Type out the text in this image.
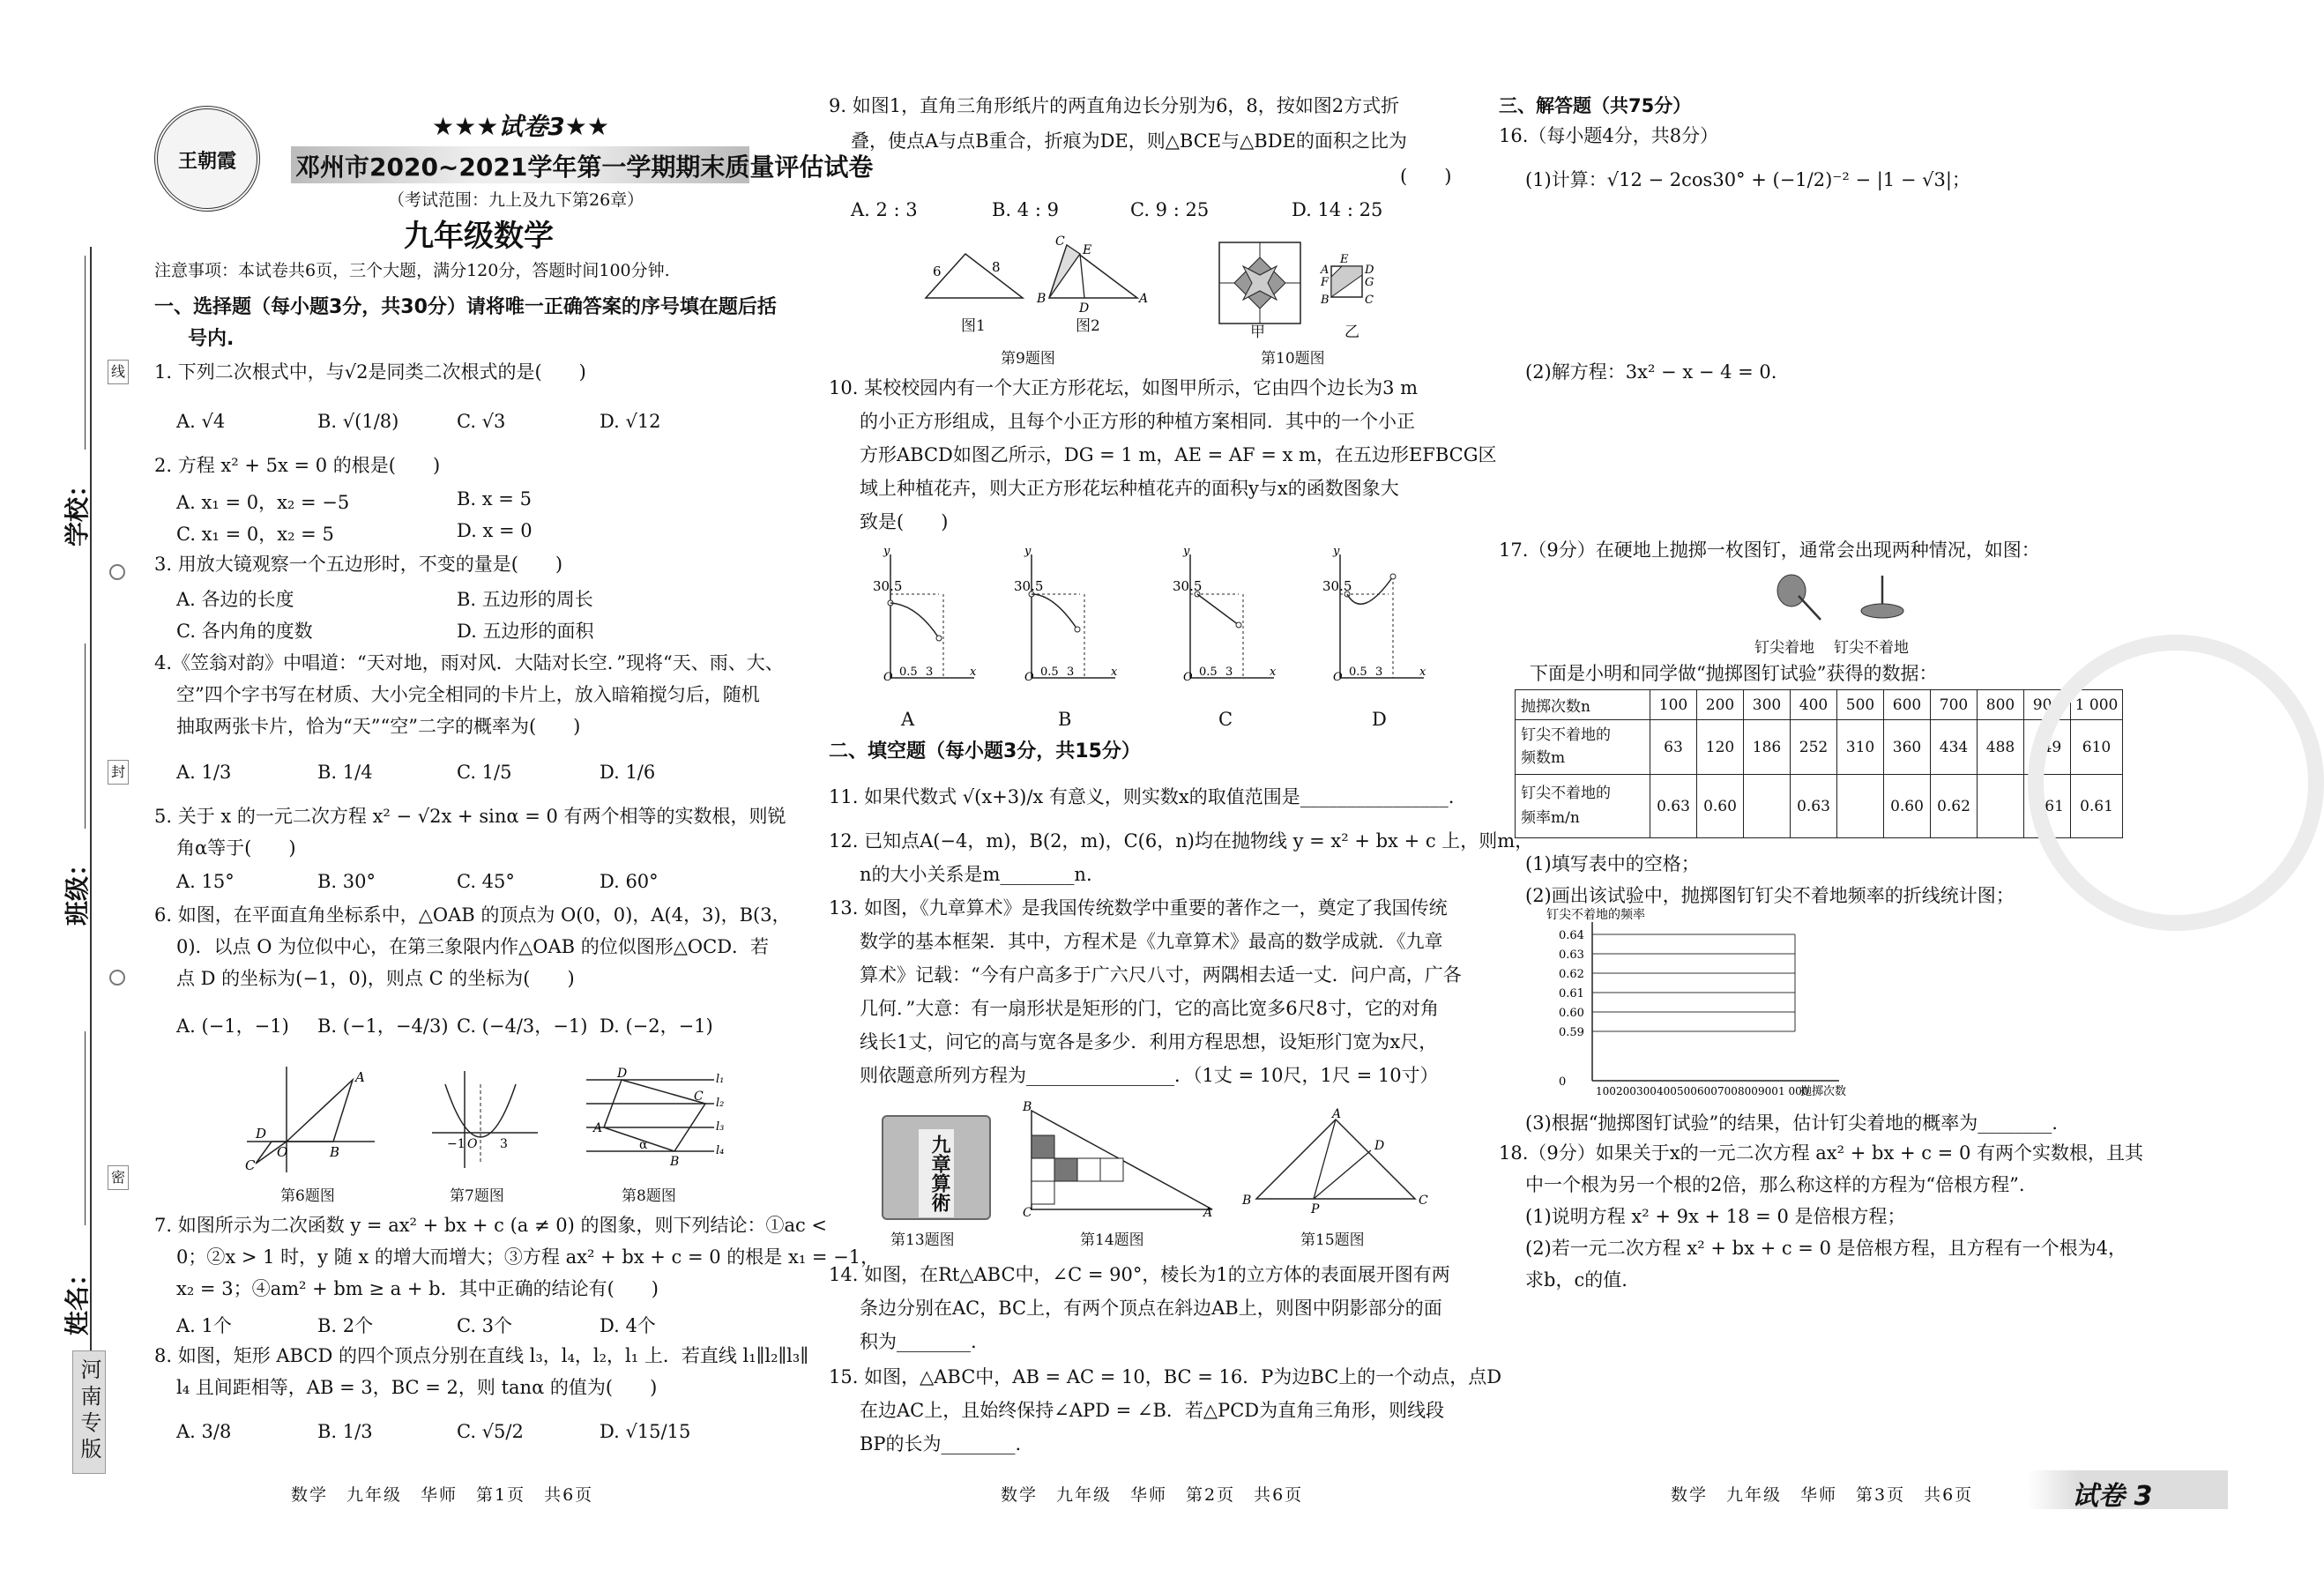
学校：
班级：
姓名：
线
封
密
河南专版
王朝霞
★★★试卷3★★
邓州市2020~2021学年第一学期期末质量评估试卷
（考试范围：九上及九下第26章）
九年级数学
注意事项：本试卷共6页，三个大题，满分120分，答题时间100分钟.
一、选择题（每小题3分，共30分）请将唯一正确答案的序号填在题后括
号内.
1. 下列二次根式中，与√2是同类二次根式的是(　　)
A. √4	B. √(1/8)	C. √3	D. √12
2. 方程 x² + 5x = 0 的根是(　　)
A. x₁ = 0，x₂ = −5	B. x = 5
C. x₁ = 0，x₂ = 5	D. x = 0
3. 用放大镜观察一个五边形时，不变的量是(　　)
A. 各边的长度	B. 五边形的周长
C. 各内角的度数	D. 五边形的面积
4.《笠翁对韵》中唱道：“天对地，雨对风．大陆对长空．”现将“天、雨、大、
空”四个字书写在材质、大小完全相同的卡片上，放入暗箱搅匀后，随机
抽取两张卡片，恰为“天”“空”二字的概率为(　　)
A. 1/3	B. 1/4	C. 1/5	D. 1/6
5. 关于 x 的一元二次方程 x² − √2x + sinα = 0 有两个相等的实数根，则锐
角α等于(　　)
A. 15°	B. 30°	C. 45°	D. 60°
6. 如图，在平面直角坐标系中，△OAB 的顶点为 O(0，0)，A(4，3)，B(3，
0)．以点 O 为位似中心，在第三象限内作△OAB 的位似图形△OCD．若
点 D 的坐标为(−1，0)，则点 C 的坐标为(　　)
A. (−1，−1) B. (−1，−4/3) C. (−4/3，−1) D. (−2，−1)
A
B
O
D
C
第6题图
−1 O 3
第7题图
l₁
l₂
l₃
l₄
A
C
D
B
α
第8题图
7. 如图所示为二次函数 y = ax² + bx + c (a ≠ 0) 的图象，则下列结论：①ac <
0；②x > 1 时，y 随 x 的增大而增大；③方程 ax² + bx + c = 0 的根是 x₁ = −1，
x₂ = 3；④am² + bm ≥ a + b．其中正确的结论有(　　)
A. 1个	B. 2个	C. 3个	D. 4个
8. 如图，矩形 ABCD 的四个顶点分别在直线 l₃，l₄，l₂，l₁ 上．若直线 l₁∥l₂∥l₃∥
l₄ 且间距相等，AB = 3，BC = 2，则 tanα 的值为(　　)
A. 3/8	B. 1/3	C. √5/2	D. √15/15
9. 如图1，直角三角形纸片的两直角边长分别为6，8，按如图2方式折
叠，使点A与点B重合，折痕为DE，则△BCE与△BDE的面积之比为
(　　)
A. 2 : 3	B. 4 : 9	C. 9 : 25	D. 14 : 25
6	8
C
E
B
D
A
图1	图2
第9题图
A
F
B
D
G
C
E
甲	乙
第10题图
10. 某校校园内有一个大正方形花坛，如图甲所示，它由四个边长为3 m
的小正方形组成，且每个小正方形的种植方案相同．其中的一个小正
方形ABCD如图乙所示，DG = 1 m，AE = AF = x m，在五边形EFBCG区
域上种植花卉，则大正方形花坛种植花卉的面积y与x的函数图象大
致是(　　)
30.5
y
x
O 0.5 3
A
30.5
y
x
O 0.5 3
B
30.5
y
x
O 0.5 3
C
30.5
y
x
O 0.5 3
D
二、填空题（每小题3分，共15分）
11. 如果代数式 √(x+3)/x 有意义，则实数x的取值范围是________________.
12. 已知点A(−4，m)，B(2，m)，C(6，n)均在抛物线 y = x² + bx + c 上，则m，
n的大小关系是m________n.
13. 如图，《九章算术》是我国传统数学中重要的著作之一，奠定了我国传统
数学的基本框架．其中，方程术是《九章算术》最高的数学成就．《九章
算术》记载：“今有户高多于广六尺八寸，两隅相去适一丈．问户高，广各
几何．”大意：有一扇形状是矩形的门，它的高比宽多6尺8寸，它的对角
线长1丈，问它的高与宽各是多少．利用方程思想，设矩形门宽为x尺，
则依题意所列方程为________________．（1丈 = 10尺，1尺 = 10寸）
九章算術
第13题图
B
C	A
第14题图
A
B	C
P
D
第15题图
14. 如图，在Rt△ABC中，∠C = 90°，棱长为1的立方体的表面展开图有两
条边分别在AC，BC上，有两个顶点在斜边AB上，则图中阴影部分的面
积为________.
15. 如图，△ABC中，AB = AC = 10，BC = 16．P为边BC上的一个动点，点D
在边AC上，且始终保持∠APD = ∠B．若△PCD为直角三角形，则线段
BP的长为________.
三、解答题（共75分）
16.（每小题4分，共8分）
(1)计算：√12 − 2cos30° + (−1/2)⁻² − |1 − √3|；
(2)解方程：3x² − x − 4 = 0.
17.（9分）在硬地上抛掷一枚图钉，通常会出现两种情况，如图：
钉尖着地 钉尖不着地
下面是小明和同学做“抛掷图钉试验”获得的数据：
抛掷次数n	100	200	300	400	500	600	700	800	900	1 000
钉尖不着地的
频数m	63	120	186	252	310	360	434	488	549	610
钉尖不着地的
频率m/n	0.63	0.60		0.63		0.60	0.62		0.61	0.61
(1)填写表中的空格；
(2)画出该试验中，抛掷图钉钉尖不着地频率的折线统计图；
钉尖不着地的频率
0.64
0.63
0.62
0.61
0.60
0.59
0
100 200 300 400 500 600 700 800 900 1 000
抛掷次数
(3)根据“抛掷图钉试验”的结果，估计钉尖着地的概率为________.
18.（9分）如果关于x的一元二次方程 ax² + bx + c = 0 有两个实数根，且其
中一个根为另一个根的2倍，那么称这样的方程为“倍根方程”.
(1)说明方程 x² + 9x + 18 = 0 是倍根方程；
(2)若一元二次方程 x² + bx + c = 0 是倍根方程，且方程有一个根为4，
求b，c的值.
数学　九年级　华师　第1页　共6页	数学　九年级　华师　第2页　共6页	数学　九年级　华师　第3页　共6页	试卷 3
